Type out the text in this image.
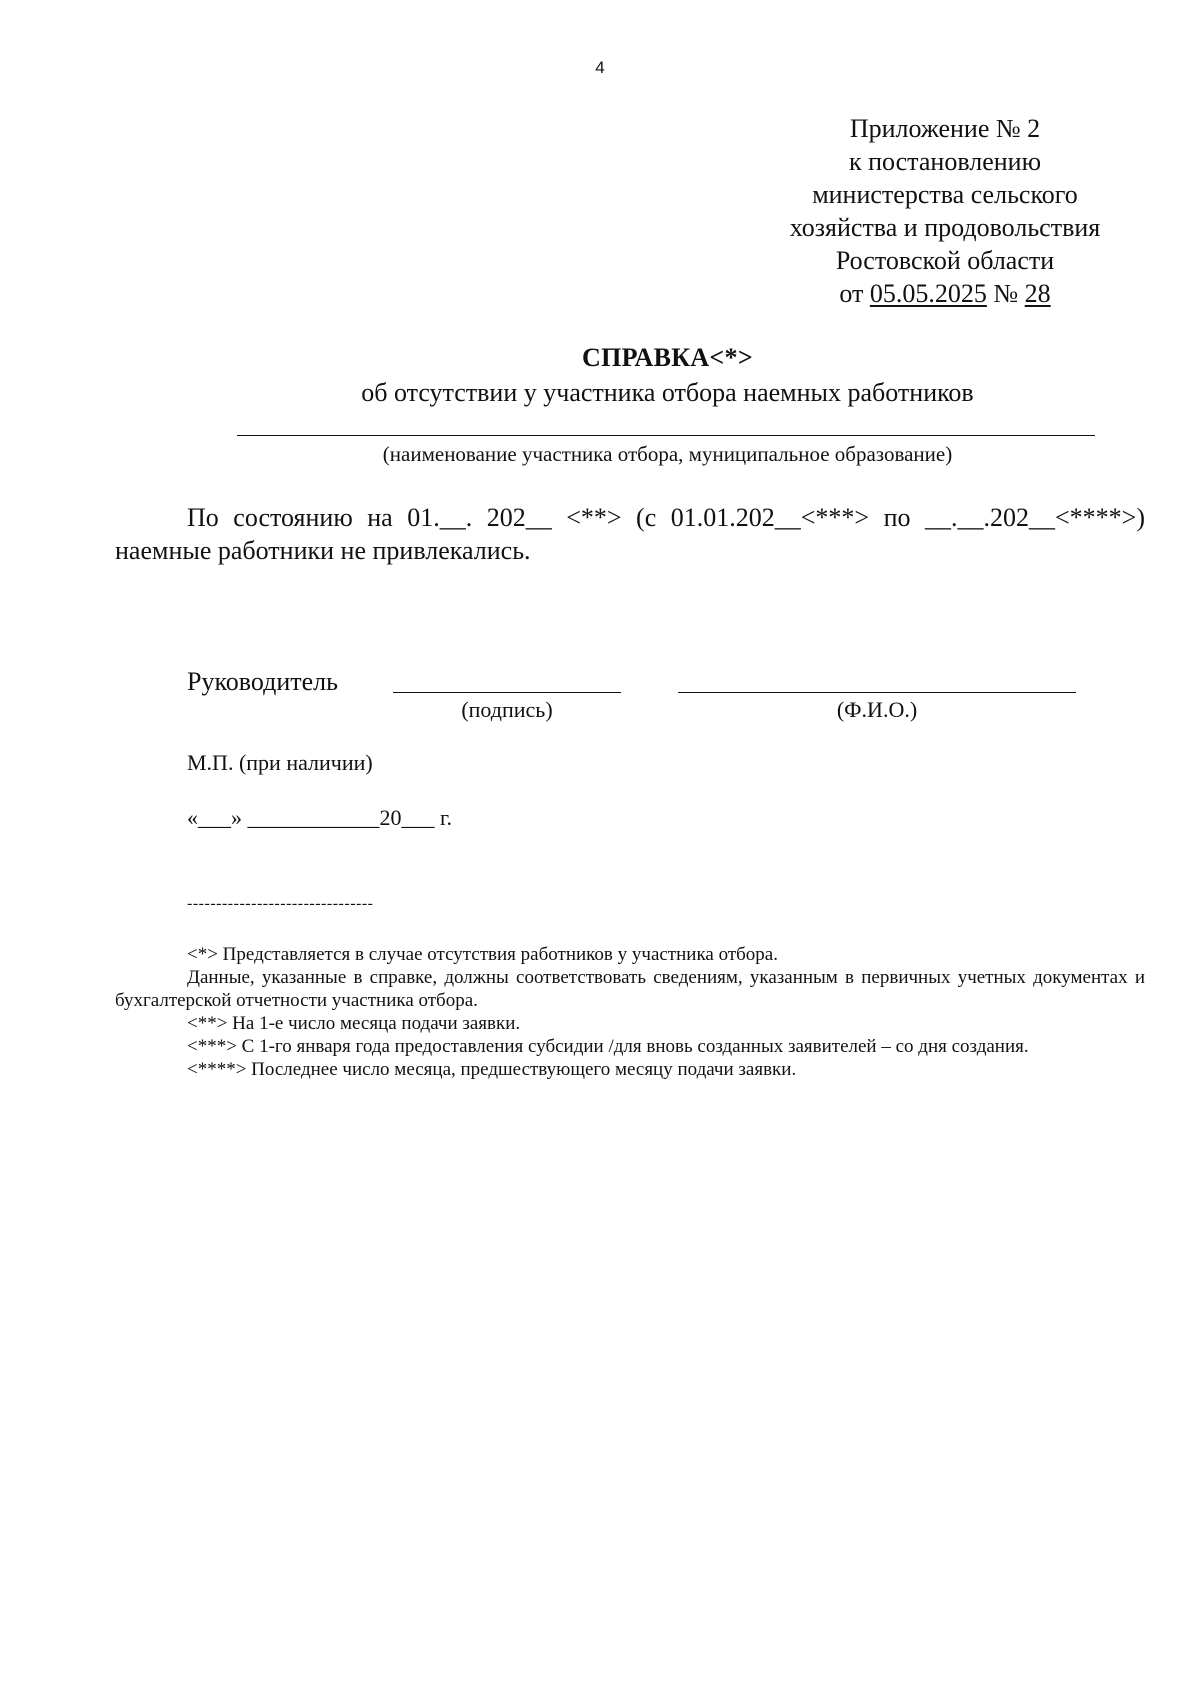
4
Приложение № 2
к постановлению
министерства сельского
хозяйства и продовольствия
Ростовской области
от 05.05.2025 № 28
СПРАВКА<*>
об отсутствии у участника отбора наемных работников
(наименование участника отбора, муниципальное образование)
По состоянию на 01.__. 202__ <**> (с 01.01.202__<***> по __.__.202__<****>) наемные работники не привлекались.
Руководитель
(подпись)	(Ф.И.О.)
М.П. (при наличии)
«___» ____________20___ г.
--------------------------------

<*> Представляется в случае отсутствия работников у участника отбора.

Данные, указанные в справке, должны соответствовать сведениям, указанным в первичных учетных документах и бухгалтерской отчетности участника отбора.

<**> На 1-е число месяца подачи заявки.

<***> С 1-го января года предоставления субсидии /для вновь созданных заявителей – со дня создания.

<****> Последнее число месяца, предшествующего месяцу подачи заявки.
